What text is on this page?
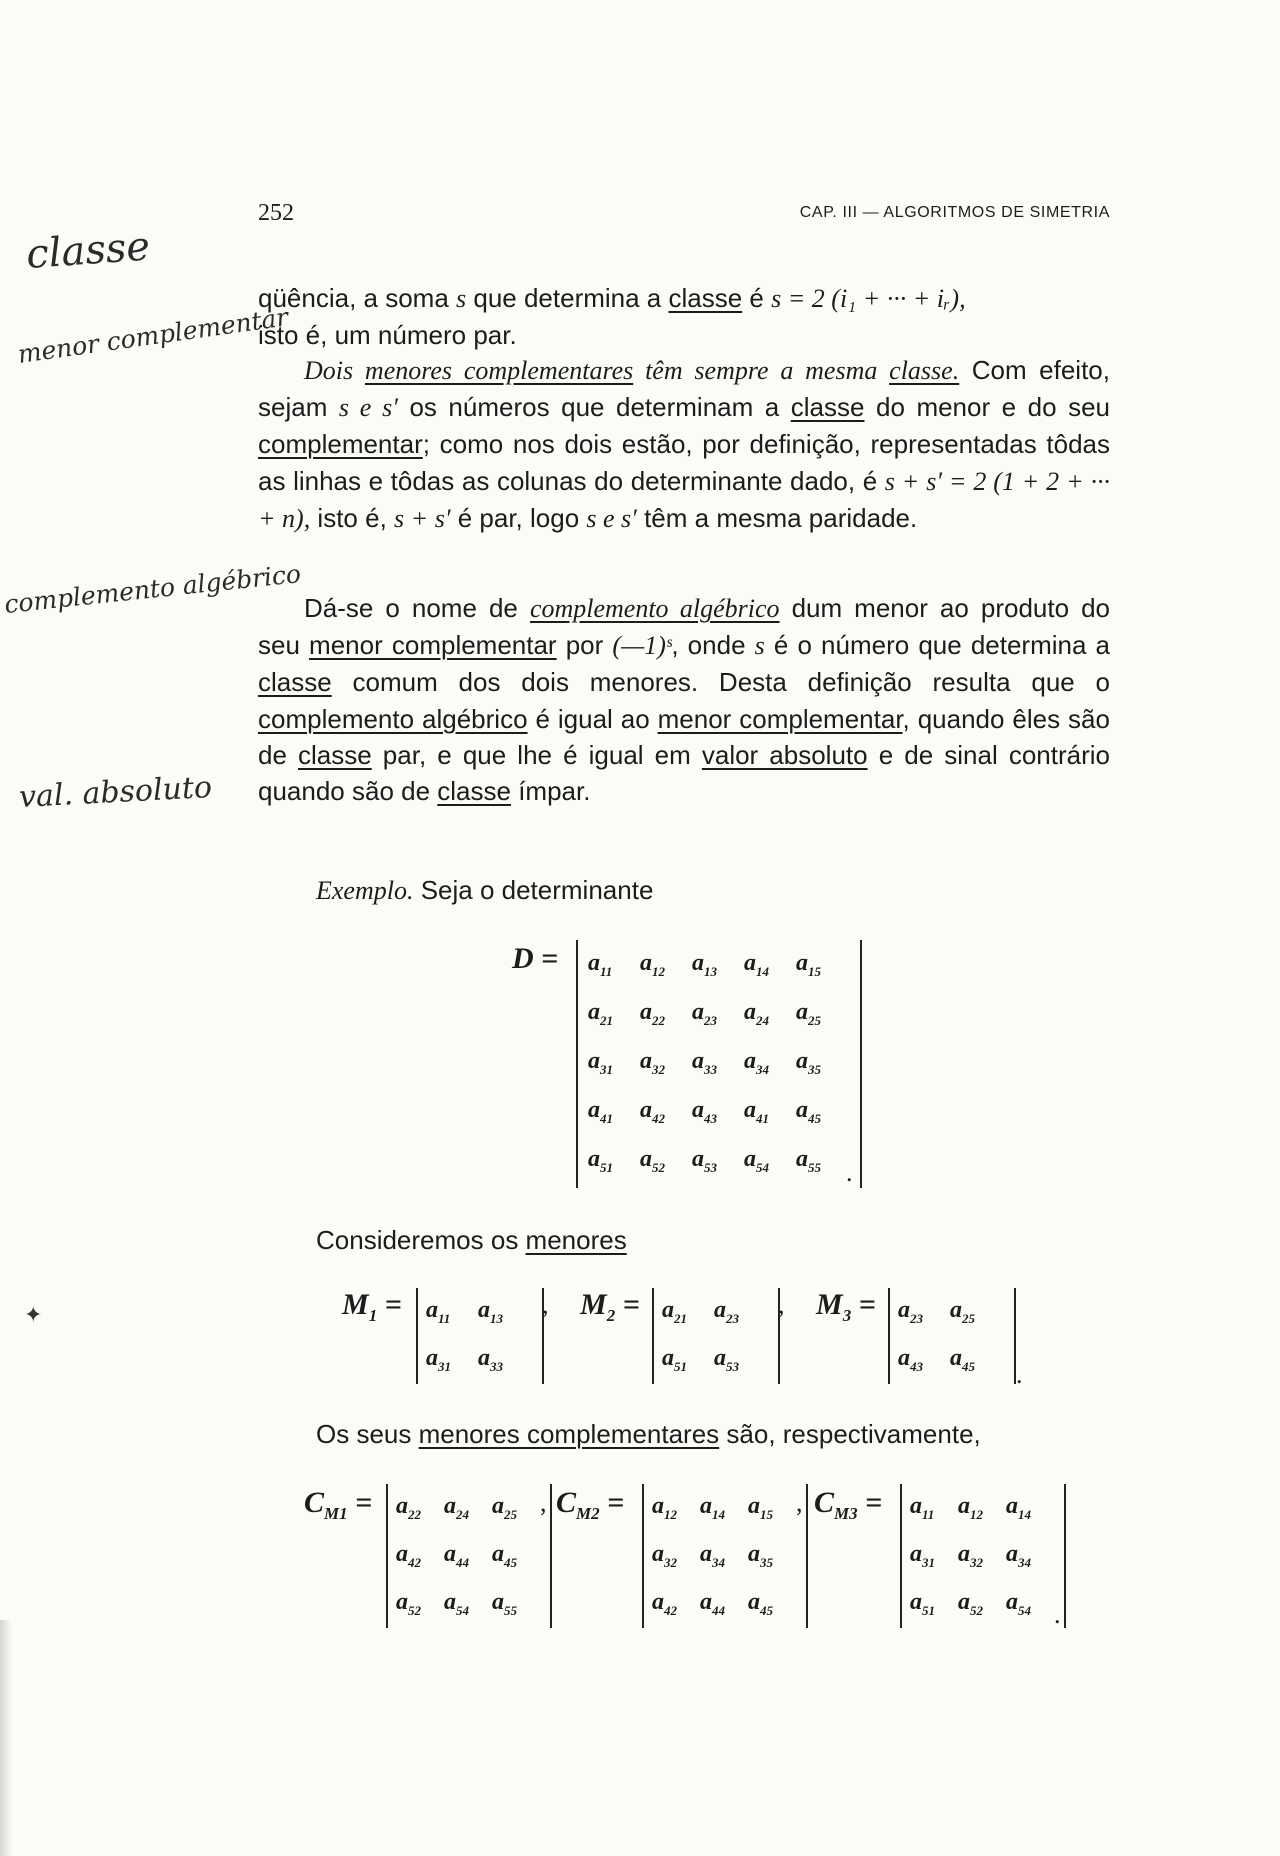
252	CAP. III — ALGORITMOS DE SIMETRIA
classe
menor complementar
complemento algébrico
val. absoluto

qüência, a soma s que determina a classe é s = 2 (i₁ + ··· + iᵣ),

isto é, um número par.

Dois menores complementares têm sempre a mesma classe. Com efeito, sejam s e s′ os números que determinam a classe do menor e do seu complementar; como nos dois estão, por definição, representadas tôdas as linhas e tôdas as colunas do determinante dado, é s + s′ = 2 (1 + 2 + ··· + n), isto é, s + s′ é par, logo s e s′ têm a mesma paridade.

Dá-se o nome de complemento algébrico dum menor ao produto do seu menor complementar por (—1)ˢ, onde s é o número que determina a classe comum dos dois menores. Desta definição resulta que o complemento algébrico é igual ao menor complementar, quando êles são de classe par, e que lhe é igual em valor absoluto e de sinal contrário quando são de classe ímpar.

Exemplo. Seja o determinante

$D = a_{11}$	$a_{12}$	$a_{13}$	$a_{14}$	$a_{15}$
$a_{21}$	$a_{22}$	$a_{23}$	$a_{24}$	$a_{25}$
$a_{31}$	$a_{32}$	$a_{33}$	$a_{34}$	$a_{35}$
$a_{41}$	$a_{42}$	$a_{43}$	$a_{41}$	$a_{45}$
$a_{51}$	$a_{52}$	$a_{53}$	$a_{54}$	$a_{55}$ .

Consideremos os menores

$M_1 = a_{11}$	$a_{13}$
$a_{31}$	$a_{33}$
, $M_2 = a_{21}$	$a_{23}$
$a_{51}$	$a_{53}$
, $M_3 = a_{23}$	$a_{25}$
$a_{43}$	$a_{45}$	.

Os seus menores complementares são, respectivamente,

$C_{M1} = a_{22}$ $a_{24}$ $a_{25}$
$a_{42}$ $a_{44}$ $a_{45}$
$a_{52}$ $a_{54}$ $a_{55}$
, $C_{M2} = a_{12}$ $a_{14}$ $a_{15}$
$a_{32}$ $a_{34}$ $a_{35}$
$a_{42}$ $a_{44}$ $a_{45}$
, $C_{M3} = a_{11}$ $a_{12}$ $a_{14}$
$a_{31}$ $a_{32}$ $a_{34}$
$a_{51}$ $a_{52}$ $a_{54}$ .
✦
